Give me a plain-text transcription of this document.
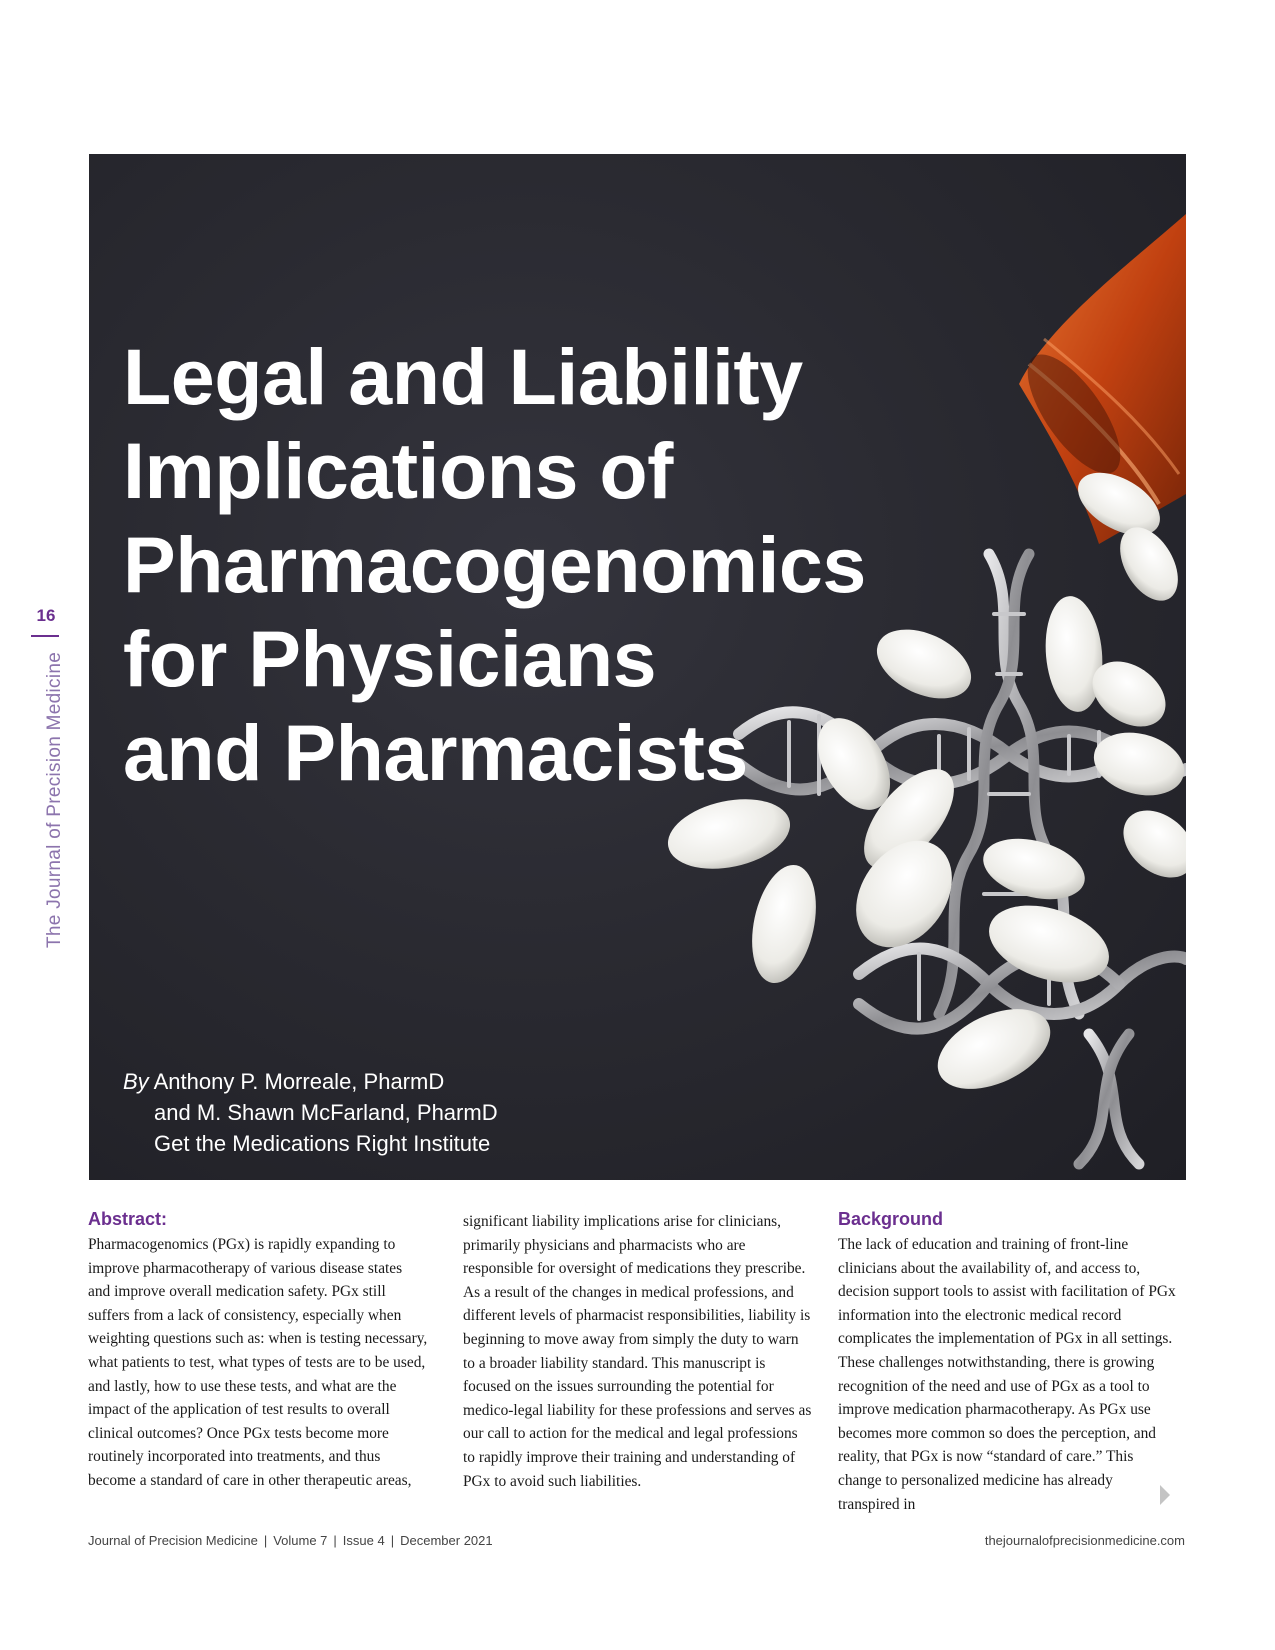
16
The Journal of Precision Medicine
Legal and Liability
Implications of
Pharmacogenomics
for Physicians
and Pharmacists
By Anthony P. Morreale, PharmD
and M. Shawn McFarland, PharmD
Get the Medications Right Institute
Abstract:
Pharmacogenomics (PGx) is rapidly expanding to improve pharmacotherapy of various disease states and improve overall medication safety. PGx still suffers from a lack of consistency, especially when weighting questions such as: when is testing necessary, what patients to test, what types of tests are to be used, and lastly, how to use these tests, and what are the impact of the application of test results to overall clinical outcomes? Once PGx tests become more routinely incorporated into treatments, and thus become a standard of care in other therapeutic areas,
significant liability implications arise for clinicians, primarily physicians and pharmacists who are responsible for oversight of medications they prescribe. As a result of the changes in medical professions, and different levels of pharmacist responsibilities, liability is beginning to move away from simply the duty to warn to a broader liability standard. This manuscript is focused on the issues surrounding the potential for medico-legal liability for these professions and serves as our call to action for the medical and legal professions to rapidly improve their training and understanding of PGx to avoid such liabilities.
Background
The lack of education and training of front-line clinicians about the availability of, and access to, decision support tools to assist with facilitation of PGx information into the electronic medical record complicates the implementation of PGx in all settings. These challenges notwithstanding, there is growing recognition of the need and use of PGx as a tool to improve medication pharmacotherapy. As PGx use becomes more common so does the perception, and reality, that PGx is now “standard of care.” This change to personalized medicine has already transpired in
Journal of Precision Medicine | Volume 7 | Issue 4 | December 2021	thejournalofprecisionmedicine.com
